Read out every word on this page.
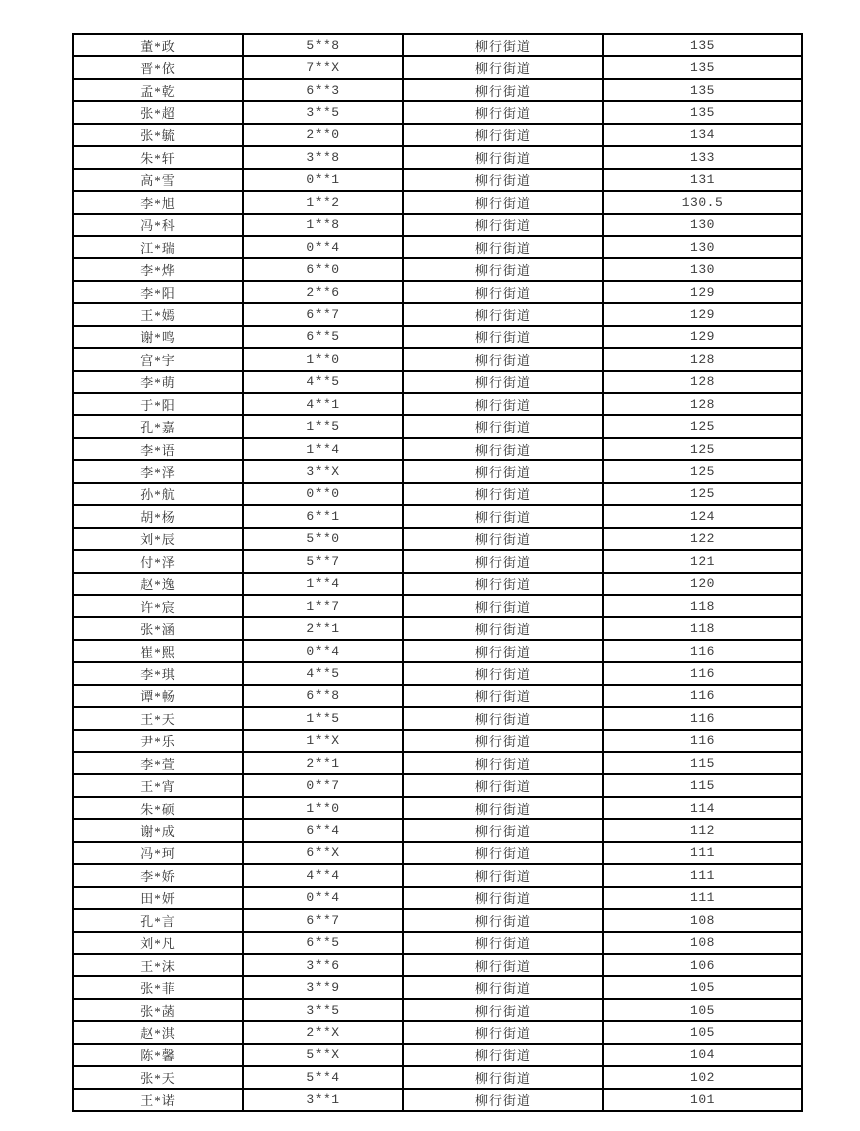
董*政	5**8	柳行街道	135
晋*依	7**X	柳行街道	135
孟*乾	6**3	柳行街道	135
张*超	3**5	柳行街道	135
张*毓	2**0	柳行街道	134
朱*轩	3**8	柳行街道	133
高*雪	0**1	柳行街道	131
李*旭	1**2	柳行街道	130.5
冯*科	1**8	柳行街道	130
江*瑞	0**4	柳行街道	130
李*烨	6**0	柳行街道	130
李*阳	2**6	柳行街道	129
王*嫣	6**7	柳行街道	129
谢*鸣	6**5	柳行街道	129
宫*宇	1**0	柳行街道	128
李*萌	4**5	柳行街道	128
于*阳	4**1	柳行街道	128
孔*嘉	1**5	柳行街道	125
李*语	1**4	柳行街道	125
李*泽	3**X	柳行街道	125
孙*航	0**0	柳行街道	125
胡*杨	6**1	柳行街道	124
刘*辰	5**0	柳行街道	122
付*泽	5**7	柳行街道	121
赵*逸	1**4	柳行街道	120
许*宸	1**7	柳行街道	118
张*涵	2**1	柳行街道	118
崔*熙	0**4	柳行街道	116
李*琪	4**5	柳行街道	116
谭*畅	6**8	柳行街道	116
王*天	1**5	柳行街道	116
尹*乐	1**X	柳行街道	116
李*萱	2**1	柳行街道	115
王*宵	0**7	柳行街道	115
朱*硕	1**0	柳行街道	114
谢*成	6**4	柳行街道	112
冯*珂	6**X	柳行街道	111
李*娇	4**4	柳行街道	111
田*妍	0**4	柳行街道	111
孔*言	6**7	柳行街道	108
刘*凡	6**5	柳行街道	108
王*沫	3**6	柳行街道	106
张*菲	3**9	柳行街道	105
张*菡	3**5	柳行街道	105
赵*淇	2**X	柳行街道	105
陈*馨	5**X	柳行街道	104
张*天	5**4	柳行街道	102
王*诺	3**1	柳行街道	101
